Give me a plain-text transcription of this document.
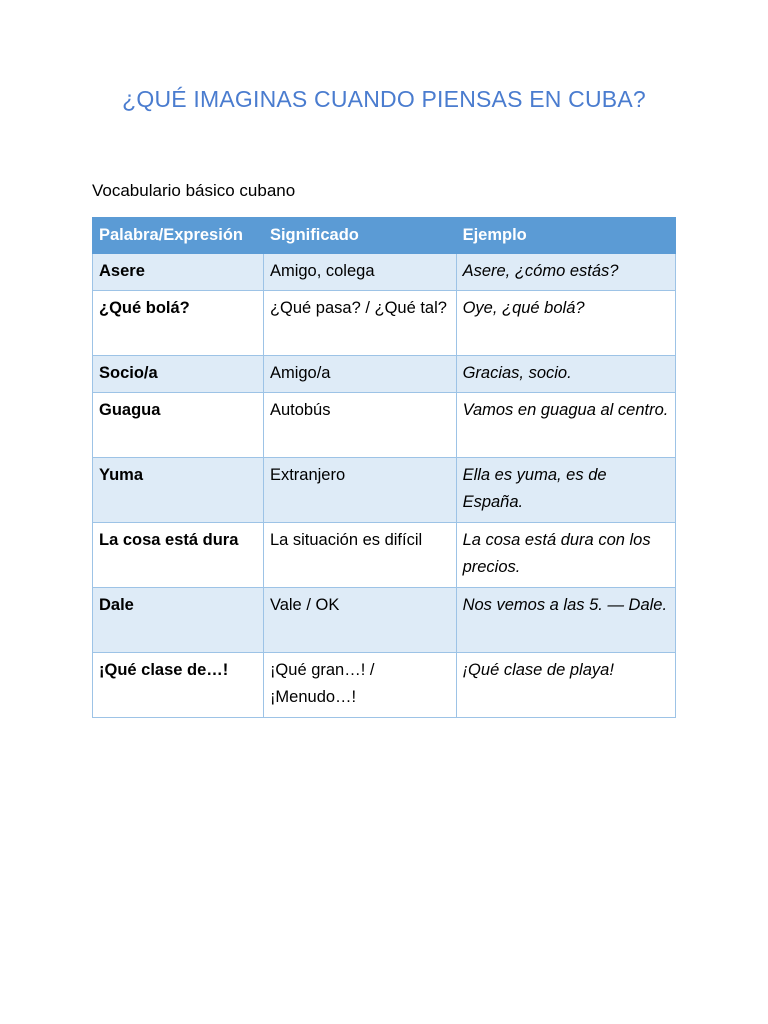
¿QUÉ IMAGINAS CUANDO PIENSAS EN CUBA?

Vocabulario básico cubano

Palabra/Expresión	Significado	Ejemplo
Asere	Amigo, colega	Asere, ¿cómo estás?
¿Qué bolá?	¿Qué pasa? / ¿Qué tal?	Oye, ¿qué bolá?
Socio/a	Amigo/a	Gracias, socio.
Guagua	Autobús	Vamos en guagua al centro.
Yuma	Extranjero	Ella es yuma, es de España.
La cosa está dura	La situación es difícil	La cosa está dura con los precios.
Dale	Vale / OK	Nos vemos a las 5. — Dale.
¡Qué clase de…!	¡Qué gran…! / ¡Menudo…!	¡Qué clase de playa!
